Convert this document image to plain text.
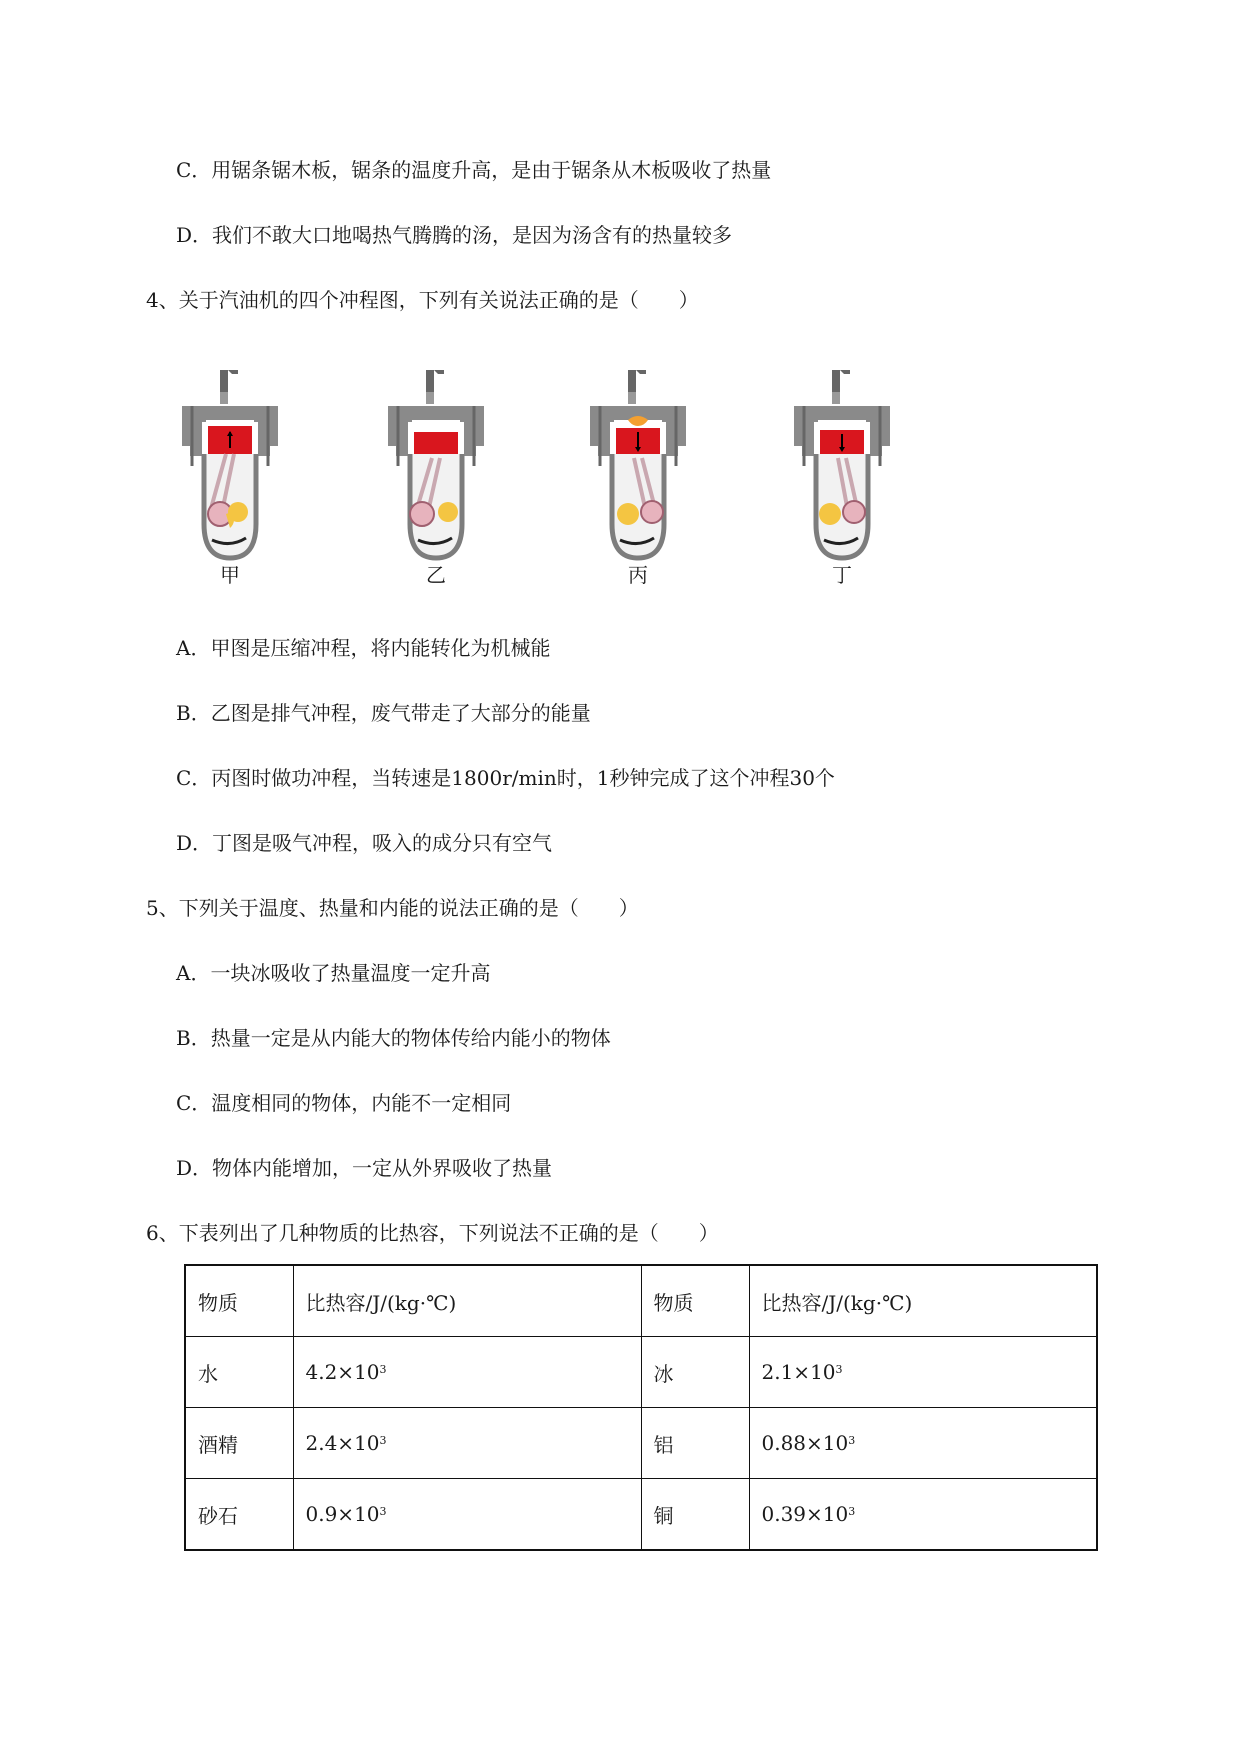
C．用锯条锯木板，锯条的温度升高，是由于锯条从木板吸收了热量
D．我们不敢大口地喝热气腾腾的汤，是因为汤含有的热量较多
4、关于汽油机的四个冲程图，下列有关说法正确的是（　　）
甲	乙	丙	丁
A．甲图是压缩冲程，将内能转化为机械能
B．乙图是排气冲程，废气带走了大部分的能量
C．丙图时做功冲程，当转速是1800r/min时，1秒钟完成了这个冲程30个
D．丁图是吸气冲程，吸入的成分只有空气
5、下列关于温度、热量和内能的说法正确的是（　　）
A．一块冰吸收了热量温度一定升高
B．热量一定是从内能大的物体传给内能小的物体
C．温度相同的物体，内能不一定相同
D．物体内能增加，一定从外界吸收了热量
6、下表列出了几种物质的比热容，下列说法不正确的是（　　）
物质	比热容/J/(kg·℃)	物质	比热容/J/(kg·℃)
水	$4.2\times 10^3$	冰	$2.1\times 10^3$
酒精	$2.4\times 10^3$	铝	$0.88\times 10^3$
砂石	$0.9\times 10^3$	铜	$0.39\times 10^3$
